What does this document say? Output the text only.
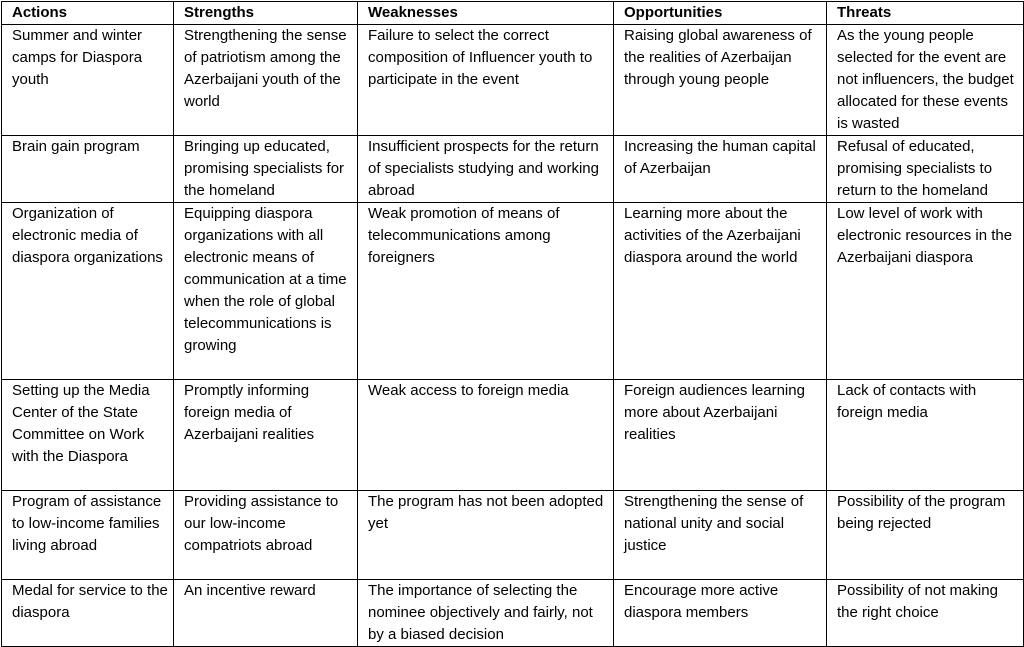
Actions	Strengths	Weaknesses	Opportunities	Threats
Summer and winter camps for Diaspora youth	Strengthening the sense of patriotism among the Azerbaijani youth of the world	Failure to select the correct composition of Influencer youth to participate in the event	Raising global awareness of the realities of Azerbaijan through young people	As the young people selected for the event are not influencers, the budget allocated for these events is wasted
Brain gain program	Bringing up educated, promising specialists for the homeland	Insufficient prospects for the return of specialists studying and working abroad	Increasing the human capital of Azerbaijan	Refusal of educated, promising specialists to return to the homeland
Organization of electronic media of diaspora organizations	Equipping diaspora organizations with all electronic means of communication at a time when the role of global telecommunications is growing	Weak promotion of means of telecommunications among foreigners	Learning more about the activities of the Azerbaijani diaspora around the world	Low level of work with electronic resources in the Azerbaijani diaspora
Setting up the Media Center of the State Committee on Work with the Diaspora	Promptly informing foreign media of Azerbaijani realities	Weak access to foreign media	Foreign audiences learning more about Azerbaijani realities	Lack of contacts with foreign media
Program of assistance to low-income families living abroad	Providing assistance to our low-income compatriots abroad	The program has not been adopted yet	Strengthening the sense of national unity and social justice	Possibility of the program being rejected
Medal for service to the diaspora	An incentive reward	The importance of selecting the nominee objectively and fairly, not by a biased decision	Encourage more active diaspora members	Possibility of not making the right choice
